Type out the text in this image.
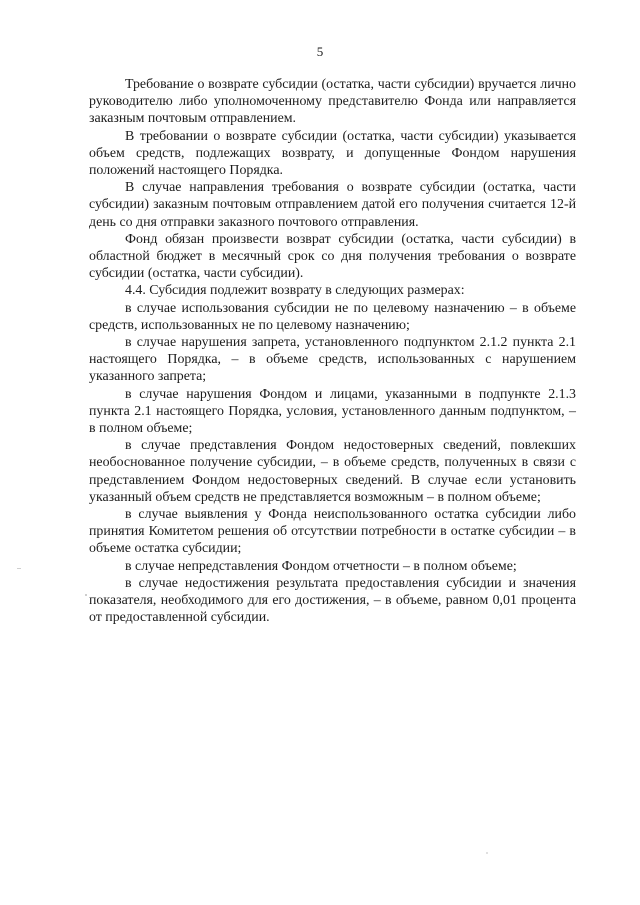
5

Требование о возврате субсидии (остатка, части субсидии) вручается лично руководителю либо уполномоченному представителю Фонда или направляется заказным почтовым отправлением.

В требовании о возврате субсидии (остатка, части субсидии) указывается объем средств, подлежащих возврату, и допущенные Фондом нарушения положений настоящего Порядка.

В случае направления требования о возврате субсидии (остатка, части субсидии) заказным почтовым отправлением датой его получения считается 12-й день со дня отправки заказного почтового отправления.

Фонд обязан произвести возврат субсидии (остатка, части субсидии) в областной бюджет в месячный срок со дня получения требования о возврате субсидии (остатка, части субсидии).

4.4. Субсидия подлежит возврату в следующих размерах:

в случае использования субсидии не по целевому назначению – в объеме средств, использованных не по целевому назначению;

в случае нарушения запрета, установленного подпунктом 2.1.2 пункта 2.1 настоящего Порядка, – в объеме средств, использованных с нарушением указанного запрета;

в случае нарушения Фондом и лицами, указанными в подпункте 2.1.3 пункта 2.1 настоящего Порядка, условия, установленного данным подпунктом, – в полном объеме;

в случае представления Фондом недостоверных сведений, повлекших необоснованное получение субсидии, – в объеме средств, полученных в связи с представлением Фондом недостоверных сведений. В случае если установить указанный объем средств не представляется возможным – в полном объеме;

в случае выявления у Фонда неиспользованного остатка субсидии либо принятия Комитетом решения об отсутствии потребности в остатке субсидии – в объеме остатка субсидии;

в случае непредставления Фондом отчетности – в полном объеме;

в случае недостижения результата предоставления субсидии и значения показателя, необходимого для его достижения, – в объеме, равном 0,01 процента от предоставленной субсидии.
